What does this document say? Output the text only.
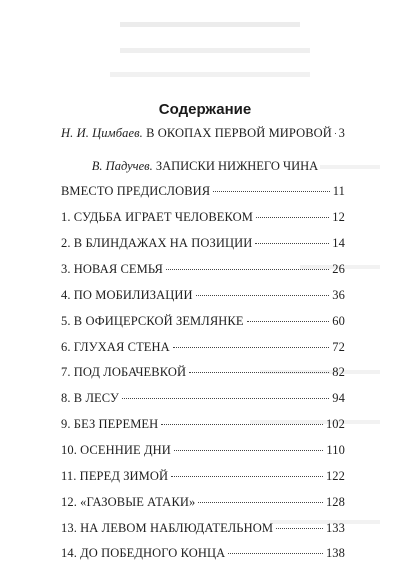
Содержание
Н. И. Цимбаев. В ОКОПАХ ПЕРВОЙ МИРОВОЙ 3
В. Падучев. ЗАПИСКИ НИЖНЕГО ЧИНА
ВМЕСТО ПРЕДИСЛОВИЯ	11
1. СУДЬБА ИГРАЕТ ЧЕЛОВЕКОМ	12
2. В БЛИНДАЖАХ НА ПОЗИЦИИ	14
3. НОВАЯ СЕМЬЯ	26
4. ПО МОБИЛИЗАЦИИ	36
5. В ОФИЦЕРСКОЙ ЗЕМЛЯНКЕ	60
6. ГЛУХАЯ СТЕНА	72
7. ПОД ЛОБАЧЕВКОЙ	82
8. В ЛЕСУ	94
9. БЕЗ ПЕРЕМЕН	102
10. ОСЕННИЕ ДНИ	110
11. ПЕРЕД ЗИМОЙ	122
12. «ГАЗОВЫЕ АТАКИ»	128
13. НА ЛЕВОМ НАБЛЮДАТЕЛЬНОМ	133
14. ДО ПОБЕДНОГО КОНЦА	138
